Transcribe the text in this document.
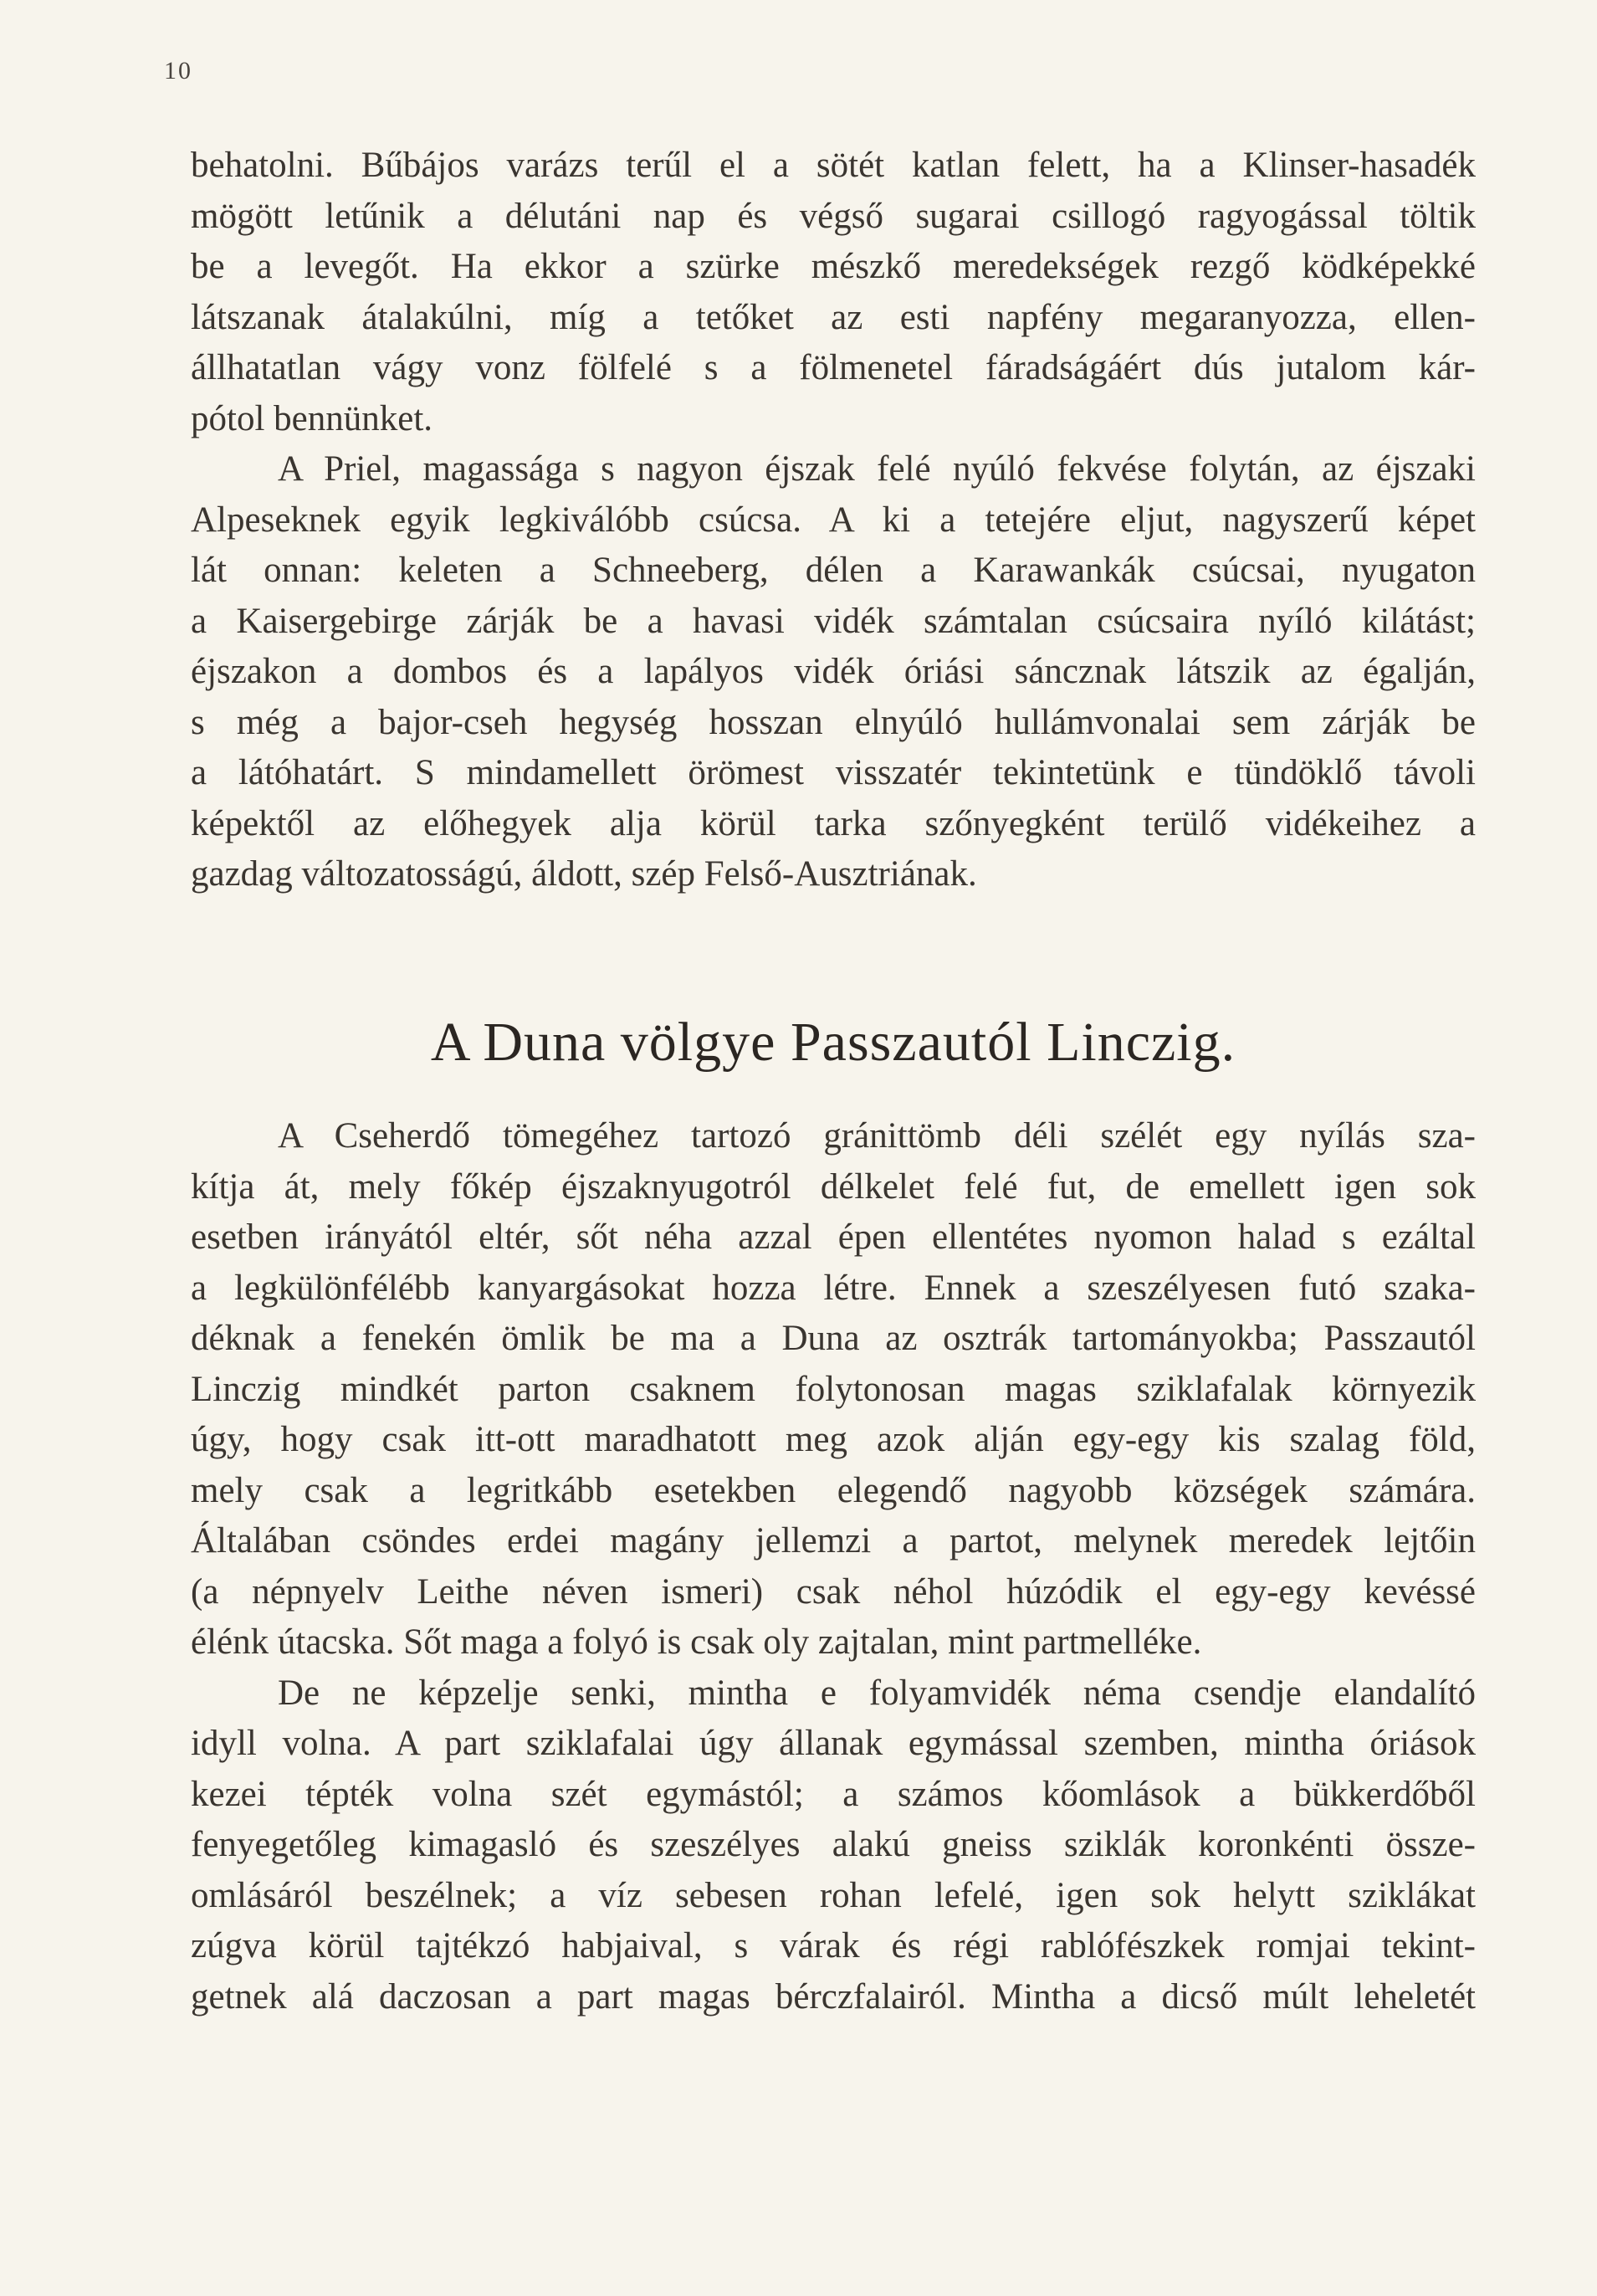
10
behatolni. Bűbájos varázs terűl el a sötét katlan felett, ha a Klinser-hasadék
mögött letűnik a délutáni nap és végső sugarai csillogó ragyogással töltik
be a levegőt. Ha ekkor a szürke mészkő meredekségek rezgő ködképekké
látszanak átalakúlni, míg a tetőket az esti napfény megaranyozza, ellen-
állhatatlan vágy vonz fölfelé s a fölmenetel fáradságáért dús jutalom kár-
pótol bennünket.
A Priel, magassága s nagyon éjszak felé nyúló fekvése folytán, az éjszaki
Alpeseknek egyik legkiválóbb csúcsa. A ki a tetejére eljut, nagyszerű képet
lát onnan: keleten a Schneeberg, délen a Karawankák csúcsai, nyugaton
a Kaisergebirge zárják be a havasi vidék számtalan csúcsaira nyíló kilátást;
éjszakon a dombos és a lapályos vidék óriási sáncznak látszik az égalján,
s még a bajor-cseh hegység hosszan elnyúló hullámvonalai sem zárják be
a látóhatárt. S mindamellett örömest visszatér tekintetünk e tündöklő távoli
képektől az előhegyek alja körül tarka szőnyegként terülő vidékeihez a
gazdag változatosságú, áldott, szép Felső-Ausztriának.
A Duna völgye Passzautól Linczig.
A Cseherdő tömegéhez tartozó gránittömb déli szélét egy nyílás sza-
kítja át, mely főkép éjszaknyugotról délkelet felé fut, de emellett igen sok
esetben irányától eltér, sőt néha azzal épen ellentétes nyomon halad s ezáltal
a legkülönfélébb kanyargásokat hozza létre. Ennek a szeszélyesen futó szaka-
déknak a fenekén ömlik be ma a Duna az osztrák tartományokba; Passzautól
Linczig mindkét parton csaknem folytonosan magas sziklafalak környezik
úgy, hogy csak itt-ott maradhatott meg azok alján egy-egy kis szalag föld,
mely csak a legritkább esetekben elegendő nagyobb községek számára.
Általában csöndes erdei magány jellemzi a partot, melynek meredek lejtőin
(a népnyelv Leithe néven ismeri) csak néhol húzódik el egy-egy kevéssé
élénk útacska. Sőt maga a folyó is csak oly zajtalan, mint partmelléke.
De ne képzelje senki, mintha e folyamvidék néma csendje elandalító
idyll volna. A part sziklafalai úgy állanak egymással szemben, mintha óriások
kezei tépték volna szét egymástól; a számos kőomlások a bükkerdőből
fenyegetőleg kimagasló és szeszélyes alakú gneiss sziklák koronkénti össze-
omlásáról beszélnek; a víz sebesen rohan lefelé, igen sok helytt sziklákat
zúgva körül tajtékzó habjaival, s várak és régi rablófészkek romjai tekint-
getnek alá daczosan a part magas bérczfalairól. Mintha a dicső múlt leheletét
